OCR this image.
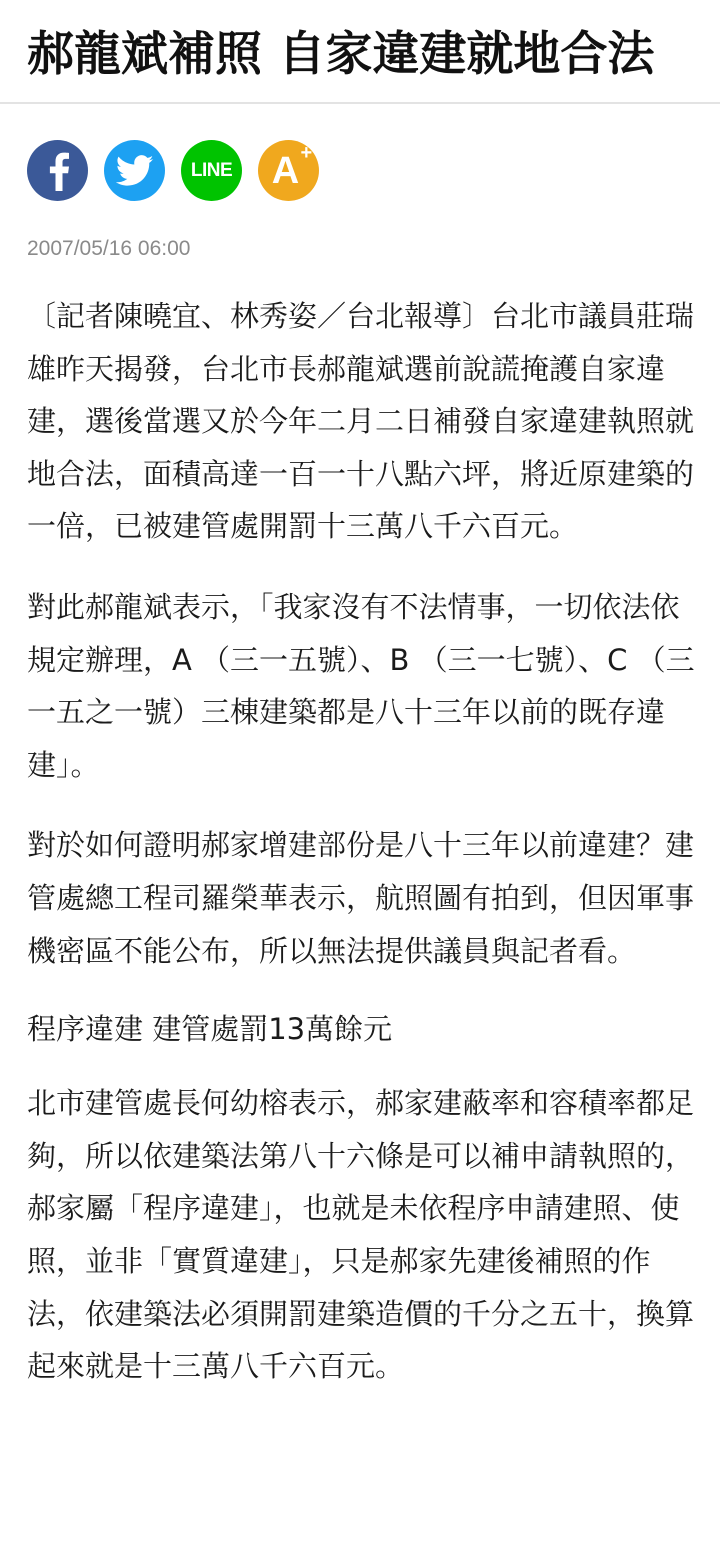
郝龍斌補照 自家違建就地合法
LINE A +
2007/05/16 06:00

〔記者陳曉宜、林秀姿／台北報導〕台北市議員莊瑞雄昨天揭發，台北市長郝龍斌選前說謊掩護自家違建，選後當選又於今年二月二日補發自家違建執照就地合法，面積高達一百一十八點六坪，將近原建築的一倍，已被建管處開罰十三萬八千六百元。

對此郝龍斌表示，「我家沒有不法情事，一切依法依規定辦理，A （三一五號）、B （三一七號）、C （三一五之一號）三棟建築都是八十三年以前的既存違建」。

對於如何證明郝家增建部份是八十三年以前違建？建管處總工程司羅榮華表示，航照圖有拍到，但因軍事機密區不能公布，所以無法提供議員與記者看。

程序違建 建管處罰13萬餘元

北市建管處長何幼榕表示，郝家建蔽率和容積率都足夠，所以依建築法第八十六條是可以補申請執照的，郝家屬「程序違建」，也就是未依程序申請建照、使照，並非「實質違建」，只是郝家先建後補照的作法，依建築法必須開罰建築造價的千分之五十，換算起來就是十三萬八千六百元。
